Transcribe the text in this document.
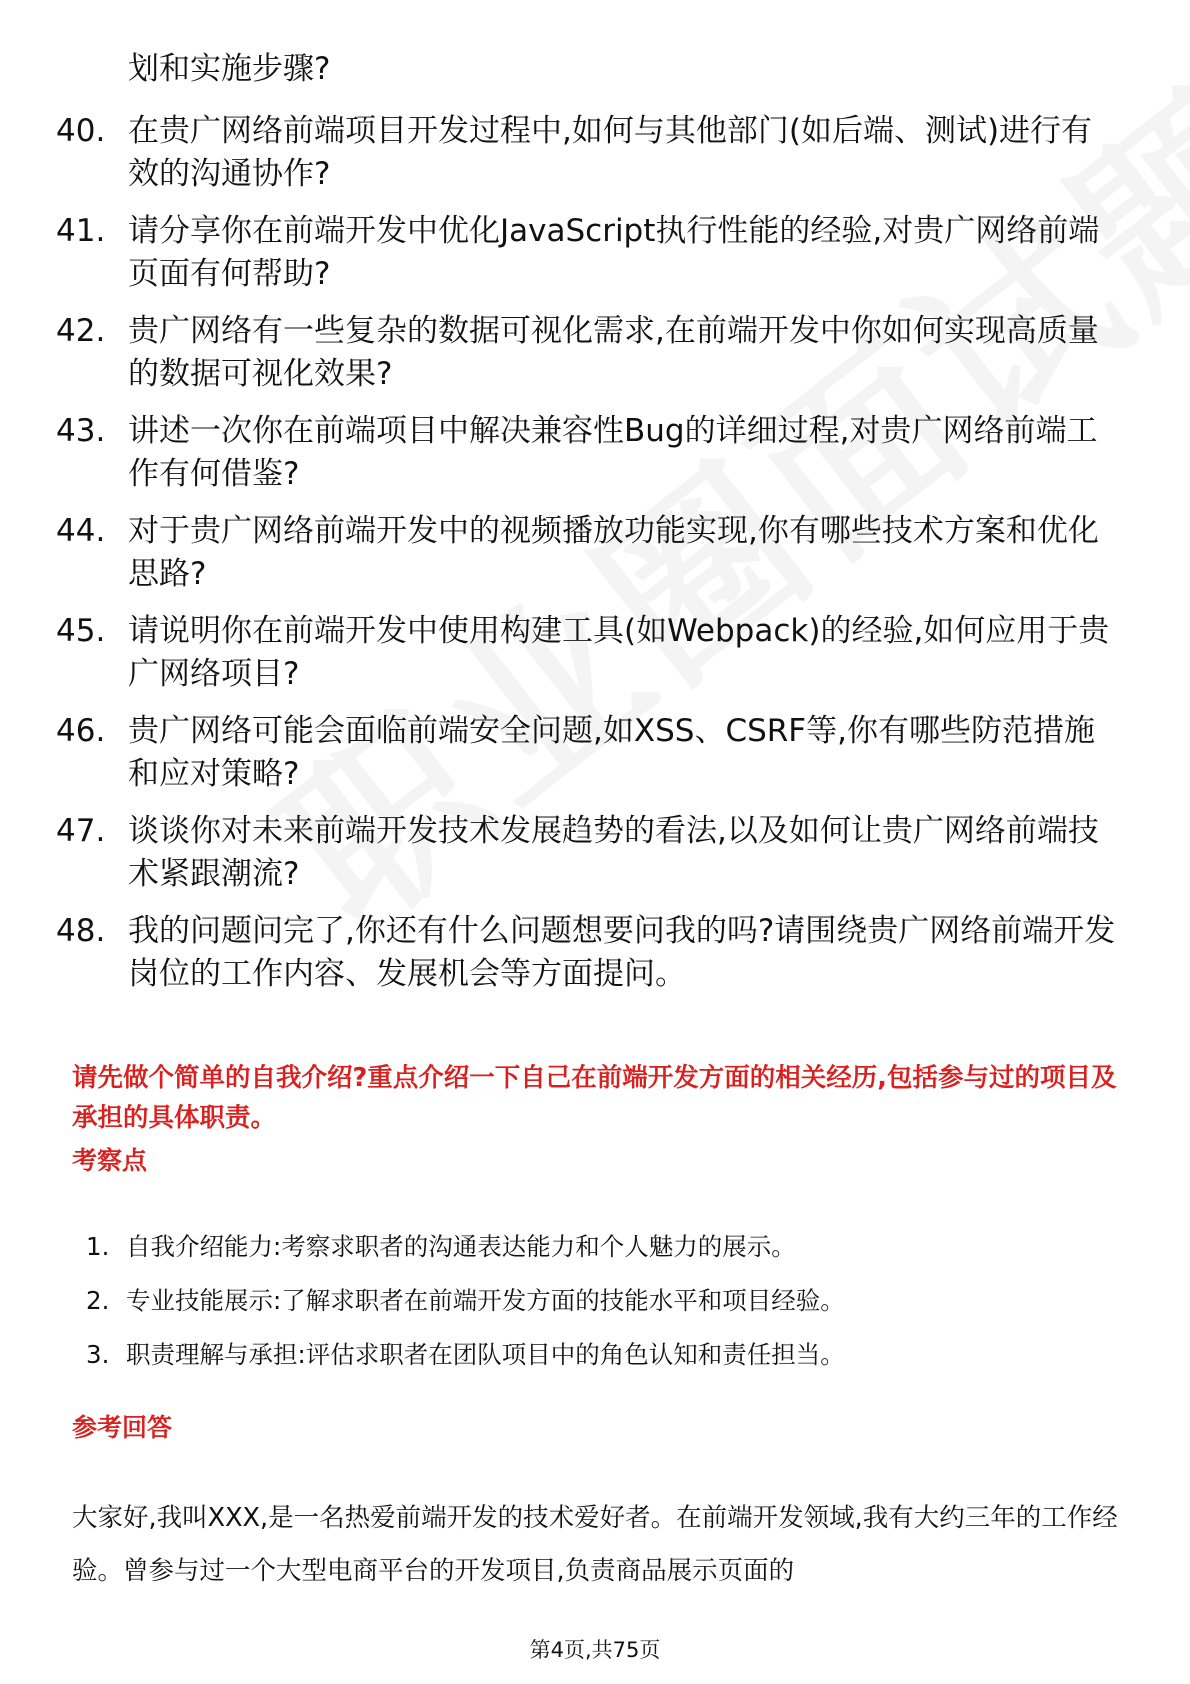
划和实施步骤?
40. 在贵广网络前端项目开发过程中,如何与其他部门(如后端、测试)进行有效的沟通协作?
41. 请分享你在前端开发中优化JavaScript执行性能的经验,对贵广网络前端页面有何帮助?
42. 贵广网络有一些复杂的数据可视化需求,在前端开发中你如何实现高质量的数据可视化效果?
43. 讲述一次你在前端项目中解决兼容性Bug的详细过程,对贵广网络前端工作有何借鉴?
44. 对于贵广网络前端开发中的视频播放功能实现,你有哪些技术方案和优化思路?
45. 请说明你在前端开发中使用构建工具(如Webpack)的经验,如何应用于贵广网络项目?
46. 贵广网络可能会面临前端安全问题,如XSS、CSRF等,你有哪些防范措施和应对策略?
47. 谈谈你对未来前端开发技术发展趋势的看法,以及如何让贵广网络前端技术紧跟潮流?
48. 我的问题问完了,你还有什么问题想要问我的吗?请围绕贵广网络前端开发岗位的工作内容、发展机会等方面提问。
请先做个简单的自我介绍?重点介绍一下自己在前端开发方面的相关经历,包括参与过的项目及承担的具体职责。
考察点
1. 自我介绍能力:考察求职者的沟通表达能力和个人魅力的展示。
2. 专业技能展示:了解求职者在前端开发方面的技能水平和项目经验。
3. 职责理解与承担:评估求职者在团队项目中的角色认知和责任担当。
参考回答
大家好,我叫XXX,是一名热爱前端开发的技术爱好者。在前端开发领域,我有大约三年的工作经验。曾参与过一个大型电商平台的开发项目,负责商品展示页面的
第4页,共75页
